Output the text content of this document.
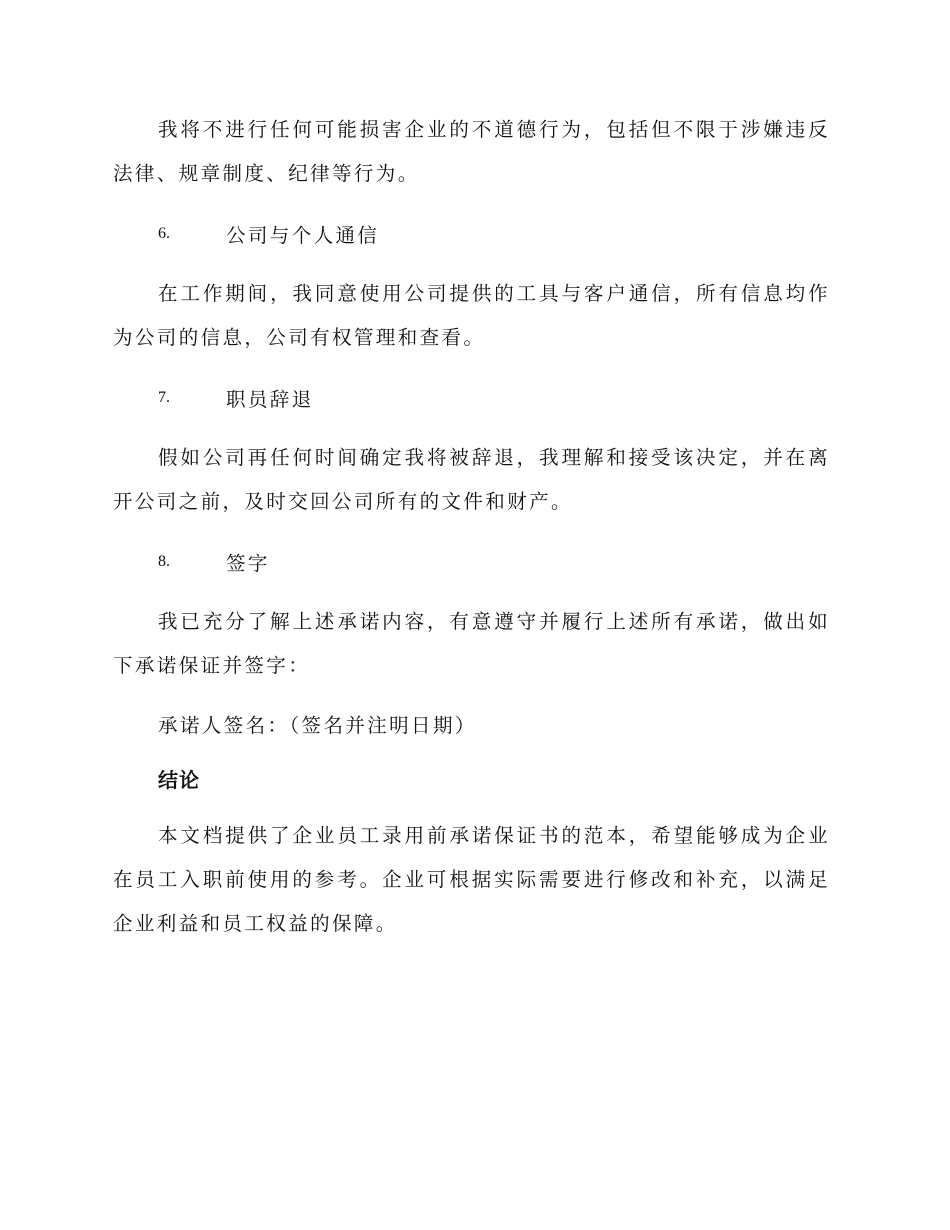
我将不进行任何可能损害企业的不道德行为，包括但不限于涉嫌违反法律、规章制度、纪律等行为。

6.	公司与个人通信

在工作期间，我同意使用公司提供的工具与客户通信，所有信息均作为公司的信息，公司有权管理和查看。

7.	职员辞退

假如公司再任何时间确定我将被辞退，我理解和接受该决定，并在离开公司之前，及时交回公司所有的文件和财产。

8.	签字

我已充分了解上述承诺内容，有意遵守并履行上述所有承诺，做出如下承诺保证并签字：

承诺人签名：（签名并注明日期）
结论

本文档提供了企业员工录用前承诺保证书的范本，希望能够成为企业在员工入职前使用的参考。企业可根据实际需要进行修改和补充，以满足企业利益和员工权益的保障。
